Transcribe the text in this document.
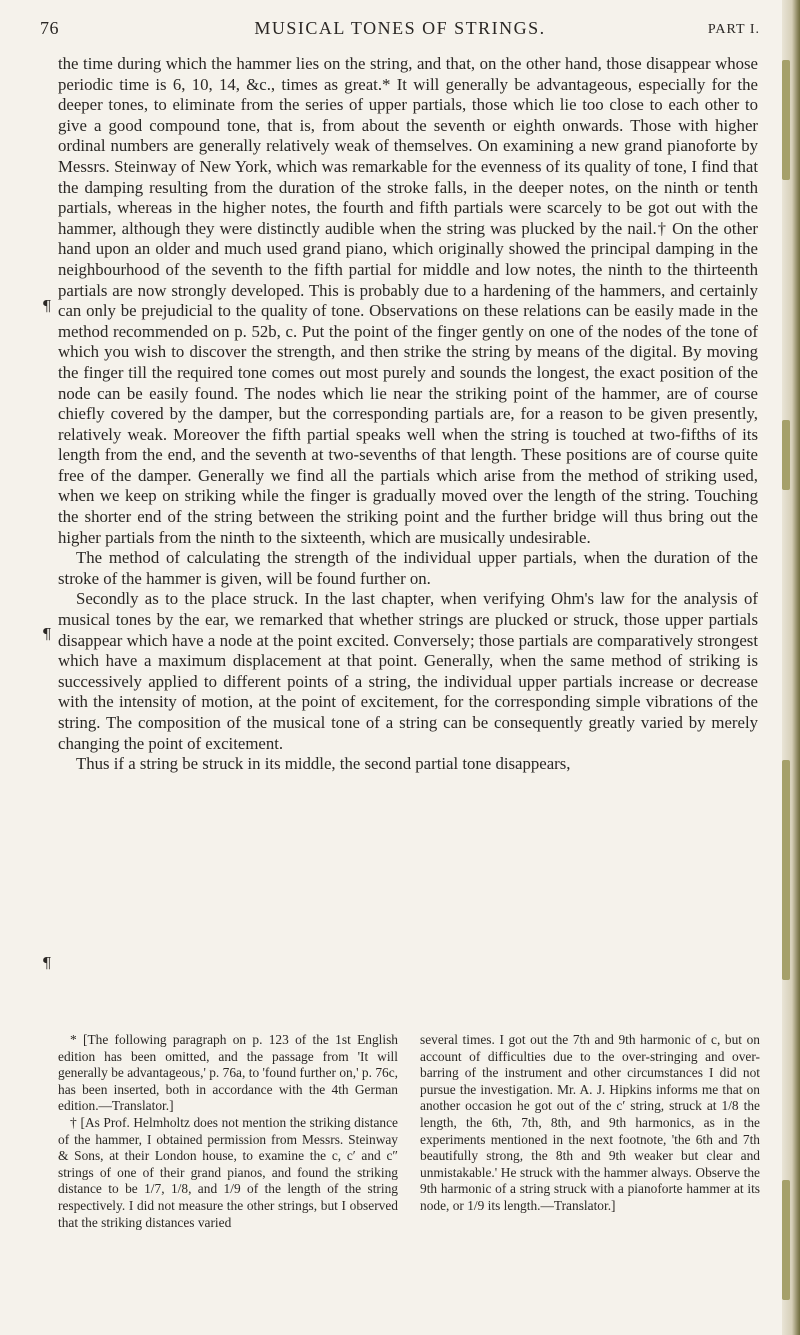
76	MUSICAL TONES OF STRINGS.	PART I.
¶
¶
¶

the time during which the hammer lies on the string, and that, on the other hand, those disappear whose periodic time is 6, 10, 14, &c., times as great.* It will generally be advantageous, especially for the deeper tones, to eliminate from the series of upper partials, those which lie too close to each other to give a good compound tone, that is, from about the seventh or eighth onwards. Those with higher ordinal numbers are generally relatively weak of themselves. On examining a new grand pianoforte by Messrs. Steinway of New York, which was remarkable for the evenness of its quality of tone, I find that the damping resulting from the duration of the stroke falls, in the deeper notes, on the ninth or tenth partials, whereas in the higher notes, the fourth and fifth partials were scarcely to be got out with the hammer, although they were distinctly audible when the string was plucked by the nail.† On the other hand upon an older and much used grand piano, which originally showed the principal damping in the neighbourhood of the seventh to the fifth partial for middle and low notes, the ninth to the thirteenth partials are now strongly developed. This is probably due to a hardening of the hammers, and certainly can only be prejudicial to the quality of tone. Observations on these relations can be easily made in the method recommended on p. 52b, c. Put the point of the finger gently on one of the nodes of the tone of which you wish to discover the strength, and then strike the string by means of the digital. By moving the finger till the required tone comes out most purely and sounds the longest, the exact position of the node can be easily found. The nodes which lie near the striking point of the hammer, are of course chiefly covered by the damper, but the corresponding partials are, for a reason to be given presently, relatively weak. Moreover the fifth partial speaks well when the string is touched at two-fifths of its length from the end, and the seventh at two-sevenths of that length. These positions are of course quite free of the damper. Generally we find all the partials which arise from the method of striking used, when we keep on striking while the finger is gradually moved over the length of the string. Touching the shorter end of the string between the striking point and the further bridge will thus bring out the higher partials from the ninth to the sixteenth, which are musically undesirable.

The method of calculating the strength of the individual upper partials, when the duration of the stroke of the hammer is given, will be found further on.

Secondly as to the place struck. In the last chapter, when verifying Ohm's law for the analysis of musical tones by the ear, we remarked that whether strings are plucked or struck, those upper partials disappear which have a node at the point excited. Conversely; those partials are comparatively strongest which have a maximum displacement at that point. Generally, when the same method of striking is successively applied to different points of a string, the individual upper partials increase or decrease with the intensity of motion, at the point of excitement, for the corresponding simple vibrations of the string. The composition of the musical tone of a string can be consequently greatly varied by merely changing the point of excitement.

Thus if a string be struck in its middle, the second partial tone disappears,

* [The following paragraph on p. 123 of the 1st English edition has been omitted, and the passage from 'It will generally be advantageous,' p. 76a, to 'found further on,' p. 76c, has been inserted, both in accordance with the 4th German edition.—Translator.]

† [As Prof. Helmholtz does not mention the striking distance of the hammer, I obtained permission from Messrs. Steinway & Sons, at their London house, to examine the c, c′ and c″ strings of one of their grand pianos, and found the striking distance to be 1/7, 1/8, and 1/9 of the length of the string respectively. I did not measure the other strings, but I observed that the striking distances varied

several times. I got out the 7th and 9th harmonic of c, but on account of difficulties due to the over-stringing and over-barring of the instrument and other circumstances I did not pursue the investigation. Mr. A. J. Hipkins informs me that on another occasion he got out of the c′ string, struck at 1/8 the length, the 6th, 7th, 8th, and 9th harmonics, as in the experiments mentioned in the next footnote, 'the 6th and 7th beautifully strong, the 8th and 9th weaker but clear and unmistakable.' He struck with the hammer always. Observe the 9th harmonic of a string struck with a pianoforte hammer at its node, or 1/9 its length.—Translator.]
